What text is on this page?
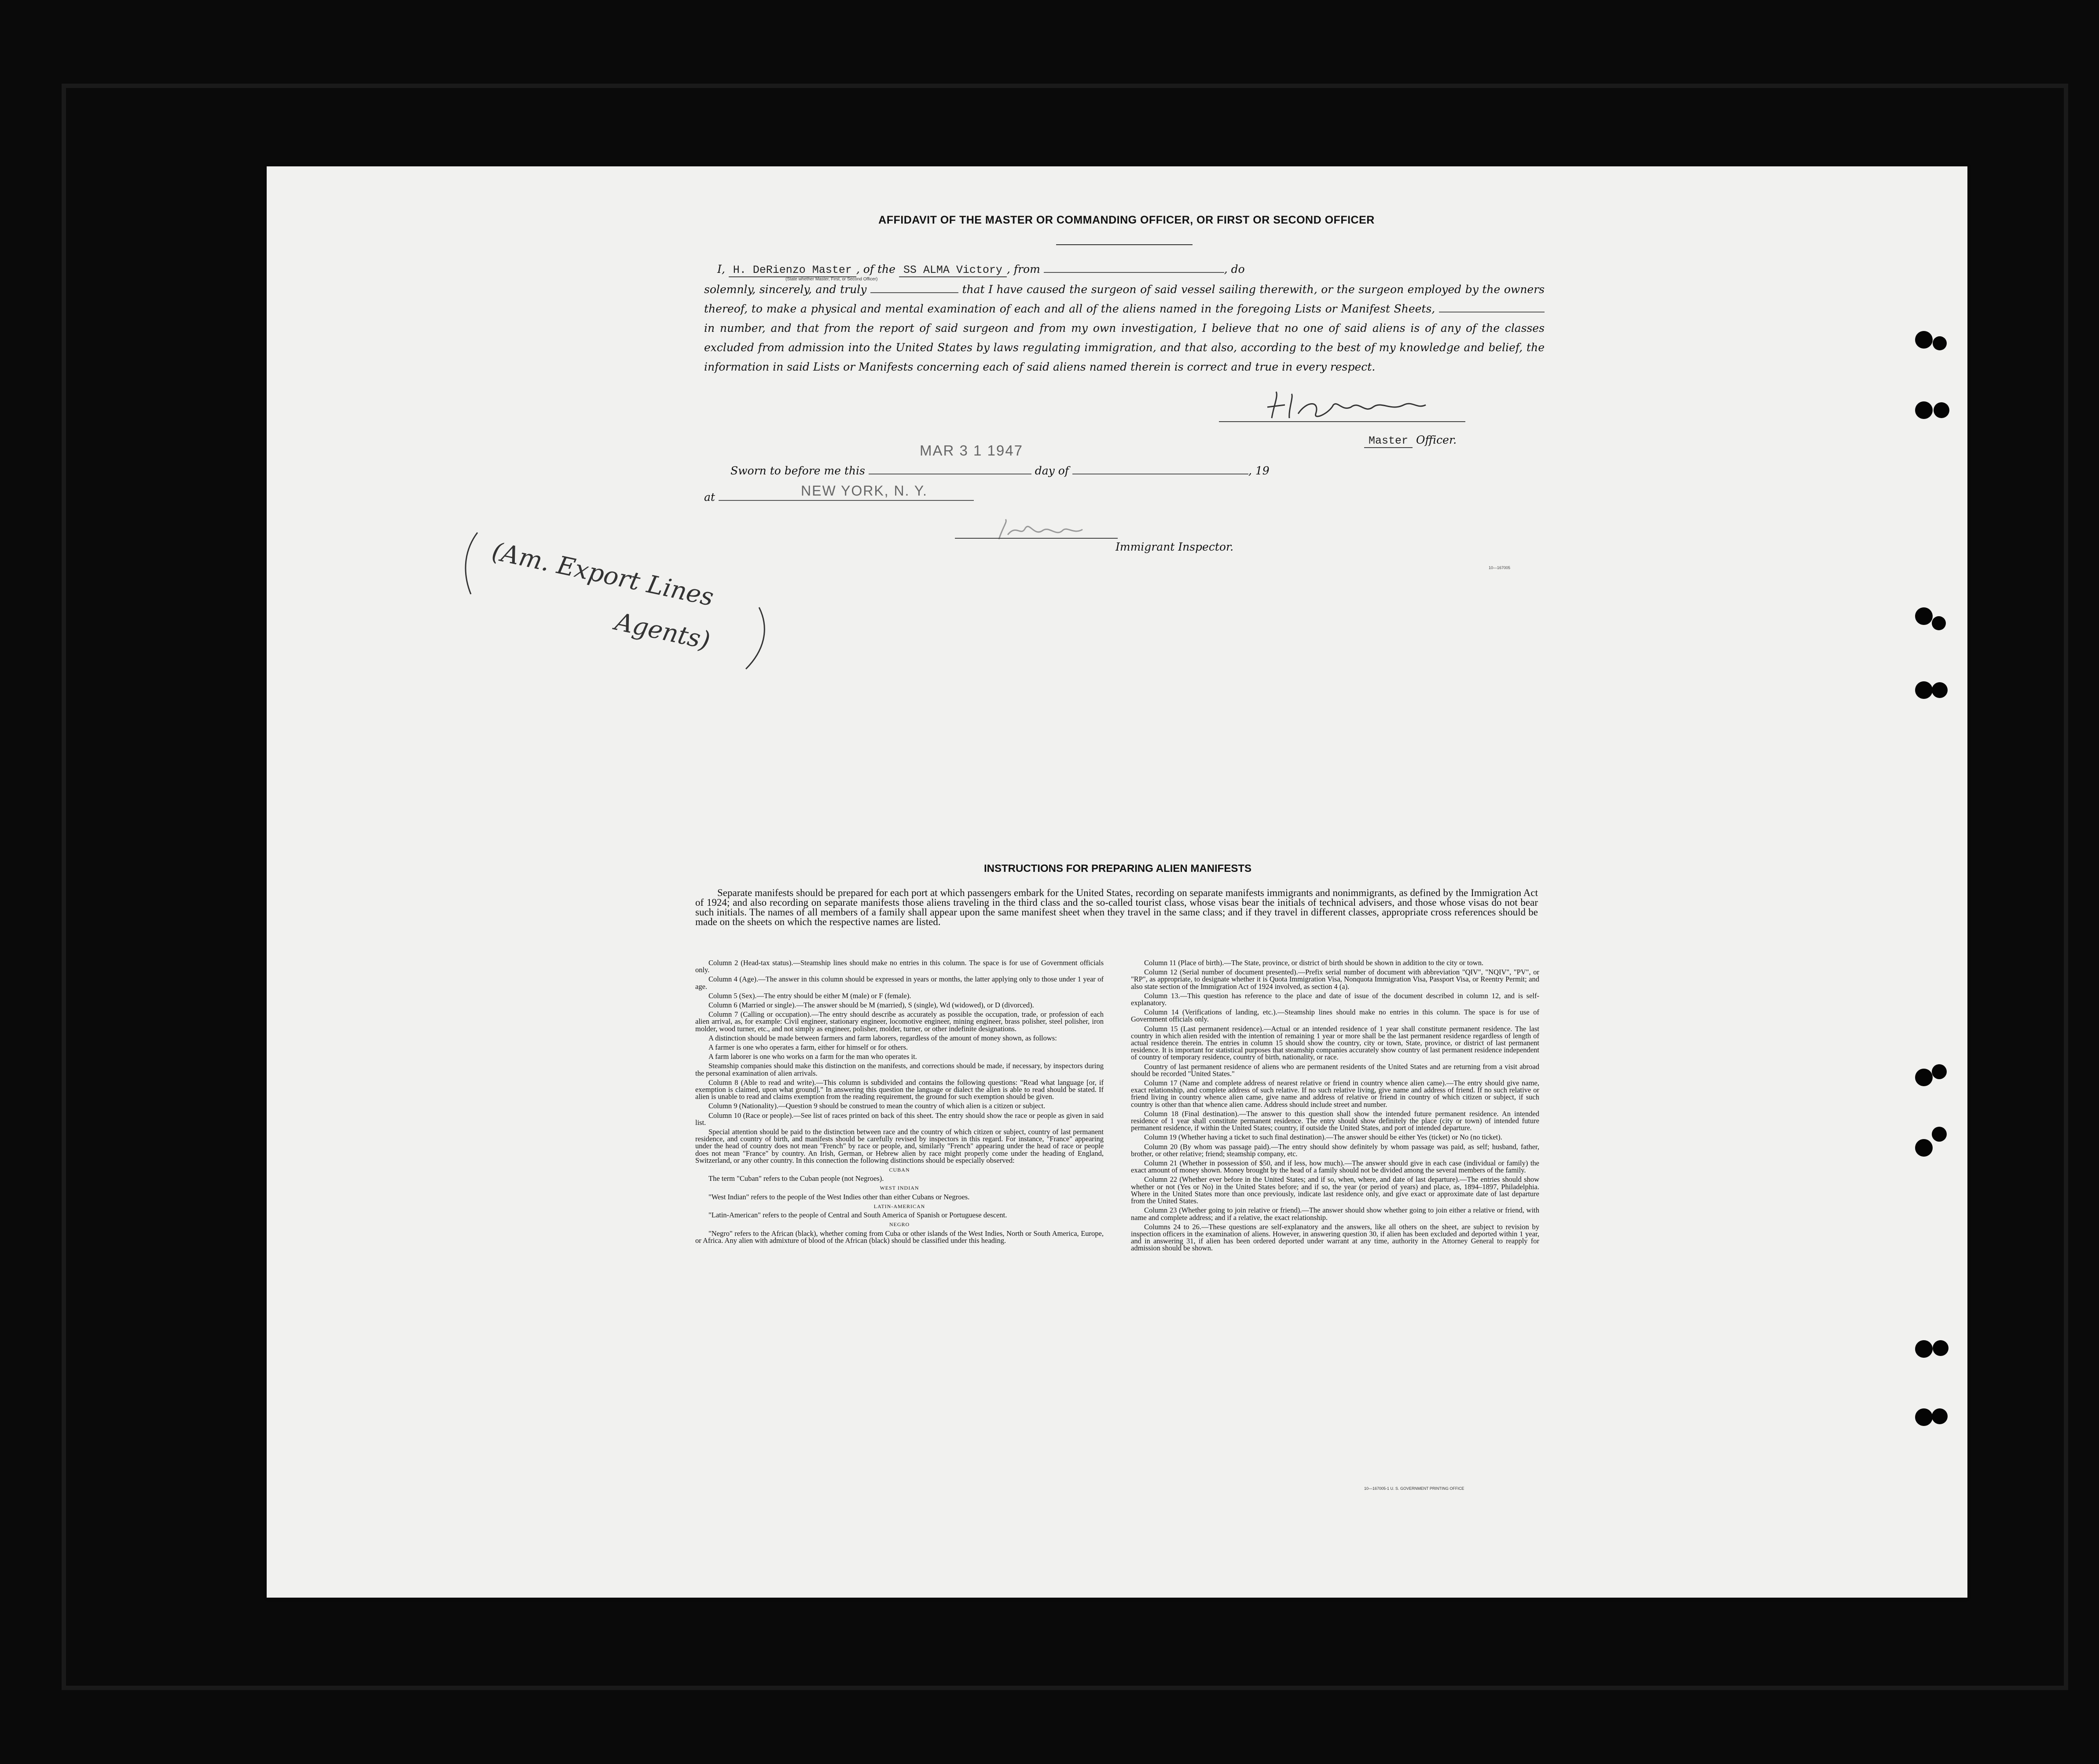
AFFIDAVIT OF THE MASTER OR COMMANDING OFFICER, OR FIRST OR SECOND OFFICER

I, H. DeRienzo Master , of the SS ALMA Victory , from	, do

solemnly, sincerely, and truly	that I have caused the surgeon of said vessel sailing therewith, or the surgeon employed by the owners thereof, to make a physical and mental examination of each and all of the aliens named in the foregoing Lists or Manifest Sheets,  in number, and that from the report of said surgeon and from my own investigation, I believe that no one of said aliens is of any of the classes excluded from admission into the United States by laws regulating immigration, and that also, according to the best of my knowledge and belief, the information in said Lists or Manifests concerning each of said aliens named therein is correct and true in every respect.

(State whether Master, First, or Second Officer)
Master Officer.
MAR 3 1 1947
Sworn to before me this	day of	, 19
NEW YORK, N. Y.
at
Immigrant Inspector.
10—167005
(Am. Export Lines
Agents)
INSTRUCTIONS FOR PREPARING ALIEN MANIFESTS

Separate manifests should be prepared for each port at which passengers embark for the United States, recording on separate manifests immigrants and nonimmigrants, as defined by the Immigration Act of 1924; and also recording on separate manifests those aliens traveling in the third class and the so-called tourist class, whose visas bear the initials of technical advisers, and those whose visas do not bear such initials. The names of all members of a family shall appear upon the same manifest sheet when they travel in the same class; and if they travel in different classes, appropriate cross references should be made on the sheets on which the respective names are listed.

Column 2 (Head-tax status).—Steamship lines should make no entries in this column. The space is for use of Government officials only.

Column 4 (Age).—The answer in this column should be expressed in years or months, the latter applying only to those under 1 year of age.

Column 5 (Sex).—The entry should be either M (male) or F (female).

Column 6 (Married or single).—The answer should be M (married), S (single), Wd (widowed), or D (divorced).

Column 7 (Calling or occupation).—The entry should describe as accurately as possible the occupation, trade, or profession of each alien arrival, as, for example: Civil engineer, stationary engineer, locomotive engineer, mining engineer, brass polisher, steel polisher, iron molder, wood turner, etc., and not simply as engineer, polisher, molder, turner, or other indefinite designations.

A distinction should be made between farmers and farm laborers, regardless of the amount of money shown, as follows:

A farmer is one who operates a farm, either for himself or for others.

A farm laborer is one who works on a farm for the man who operates it.

Steamship companies should make this distinction on the manifests, and corrections should be made, if necessary, by inspectors during the personal examination of alien arrivals.

Column 8 (Able to read and write).—This column is subdivided and contains the following questions: "Read what language [or, if exemption is claimed, upon what ground]." In answering this question the language or dialect the alien is able to read should be stated. If alien is unable to read and claims exemption from the reading requirement, the ground for such exemption should be given.

Column 9 (Nationality).—Question 9 should be construed to mean the country of which alien is a citizen or subject.

Column 10 (Race or people).—See list of races printed on back of this sheet. The entry should show the race or people as given in said list.

Special attention should be paid to the distinction between race and the country of which citizen or subject, country of last permanent residence, and country of birth, and manifests should be carefully revised by inspectors in this regard. For instance, "France" appearing under the head of country does not mean "French" by race or people, and, similarly "French" appearing under the head of race or people does not mean "France" by country. An Irish, German, or Hebrew alien by race might properly come under the heading of England, Switzerland, or any other country. In this connection the following distinctions should be especially observed:

CUBAN

The term "Cuban" refers to the Cuban people (not Negroes).

WEST INDIAN

"West Indian" refers to the people of the West Indies other than either Cubans or Negroes.

LATIN-AMERICAN

"Latin-American" refers to the people of Central and South America of Spanish or Portuguese descent.

NEGRO

"Negro" refers to the African (black), whether coming from Cuba or other islands of the West Indies, North or South America, Europe, or Africa. Any alien with admixture of blood of the African (black) should be classified under this heading.

Column 11 (Place of birth).—The State, province, or district of birth should be shown in addition to the city or town.

Column 12 (Serial number of document presented).—Prefix serial number of document with abbreviation "QIV", "NQIV", "PV", or "RP", as appropriate, to designate whether it is Quota Immigration Visa, Nonquota Immigration Visa, Passport Visa, or Reentry Permit; and also state section of the Immigration Act of 1924 involved, as section 4 (a).

Column 13.—This question has reference to the place and date of issue of the document described in column 12, and is self-explanatory.

Column 14 (Verifications of landing, etc.).—Steamship lines should make no entries in this column. The space is for use of Government officials only.

Column 15 (Last permanent residence).—Actual or an intended residence of 1 year shall constitute permanent residence. The last country in which alien resided with the intention of remaining 1 year or more shall be the last permanent residence regardless of length of actual residence therein. The entries in column 15 should show the country, city or town, State, province, or district of last permanent residence. It is important for statistical purposes that steamship companies accurately show country of last permanent residence independent of country of temporary residence, country of birth, nationality, or race.

Country of last permanent residence of aliens who are permanent residents of the United States and are returning from a visit abroad should be recorded "United States."

Column 17 (Name and complete address of nearest relative or friend in country whence alien came).—The entry should give name, exact relationship, and complete address of such relative. If no such relative living, give name and address of friend. If no such relative or friend living in country whence alien came, give name and address of relative or friend in country of which citizen or subject, if such country is other than that whence alien came. Address should include street and number.

Column 18 (Final destination).—The answer to this question shall show the intended future permanent residence. An intended residence of 1 year shall constitute permanent residence. The entry should show definitely the place (city or town) of intended future permanent residence, if within the United States; country, if outside the United States, and port of intended departure.

Column 19 (Whether having a ticket to such final destination).—The answer should be either Yes (ticket) or No (no ticket).

Column 20 (By whom was passage paid).—The entry should show definitely by whom passage was paid, as self; husband, father, brother, or other relative; friend; steamship company, etc.

Column 21 (Whether in possession of $50, and if less, how much).—The answer should give in each case (individual or family) the exact amount of money shown. Money brought by the head of a family should not be divided among the several members of the family.

Column 22 (Whether ever before in the United States; and if so, when, where, and date of last departure).—The entries should show whether or not (Yes or No) in the United States before; and if so, the year (or period of years) and place, as, 1894–1897, Philadelphia. Where in the United States more than once previously, indicate last residence only, and give exact or approximate date of last departure from the United States.

Column 23 (Whether going to join relative or friend).—The answer should show whether going to join either a relative or friend, with name and complete address; and if a relative, the exact relationship.

Columns 24 to 26.—These questions are self-explanatory and the answers, like all others on the sheet, are subject to revision by inspection officers in the examination of aliens. However, in answering question 30, if alien has been excluded and deported within 1 year, and in answering 31, if alien has been ordered deported under warrant at any time, authority in the Attorney General to reapply for admission should be shown.

10—167005-1 U. S. GOVERNMENT PRINTING OFFICE
